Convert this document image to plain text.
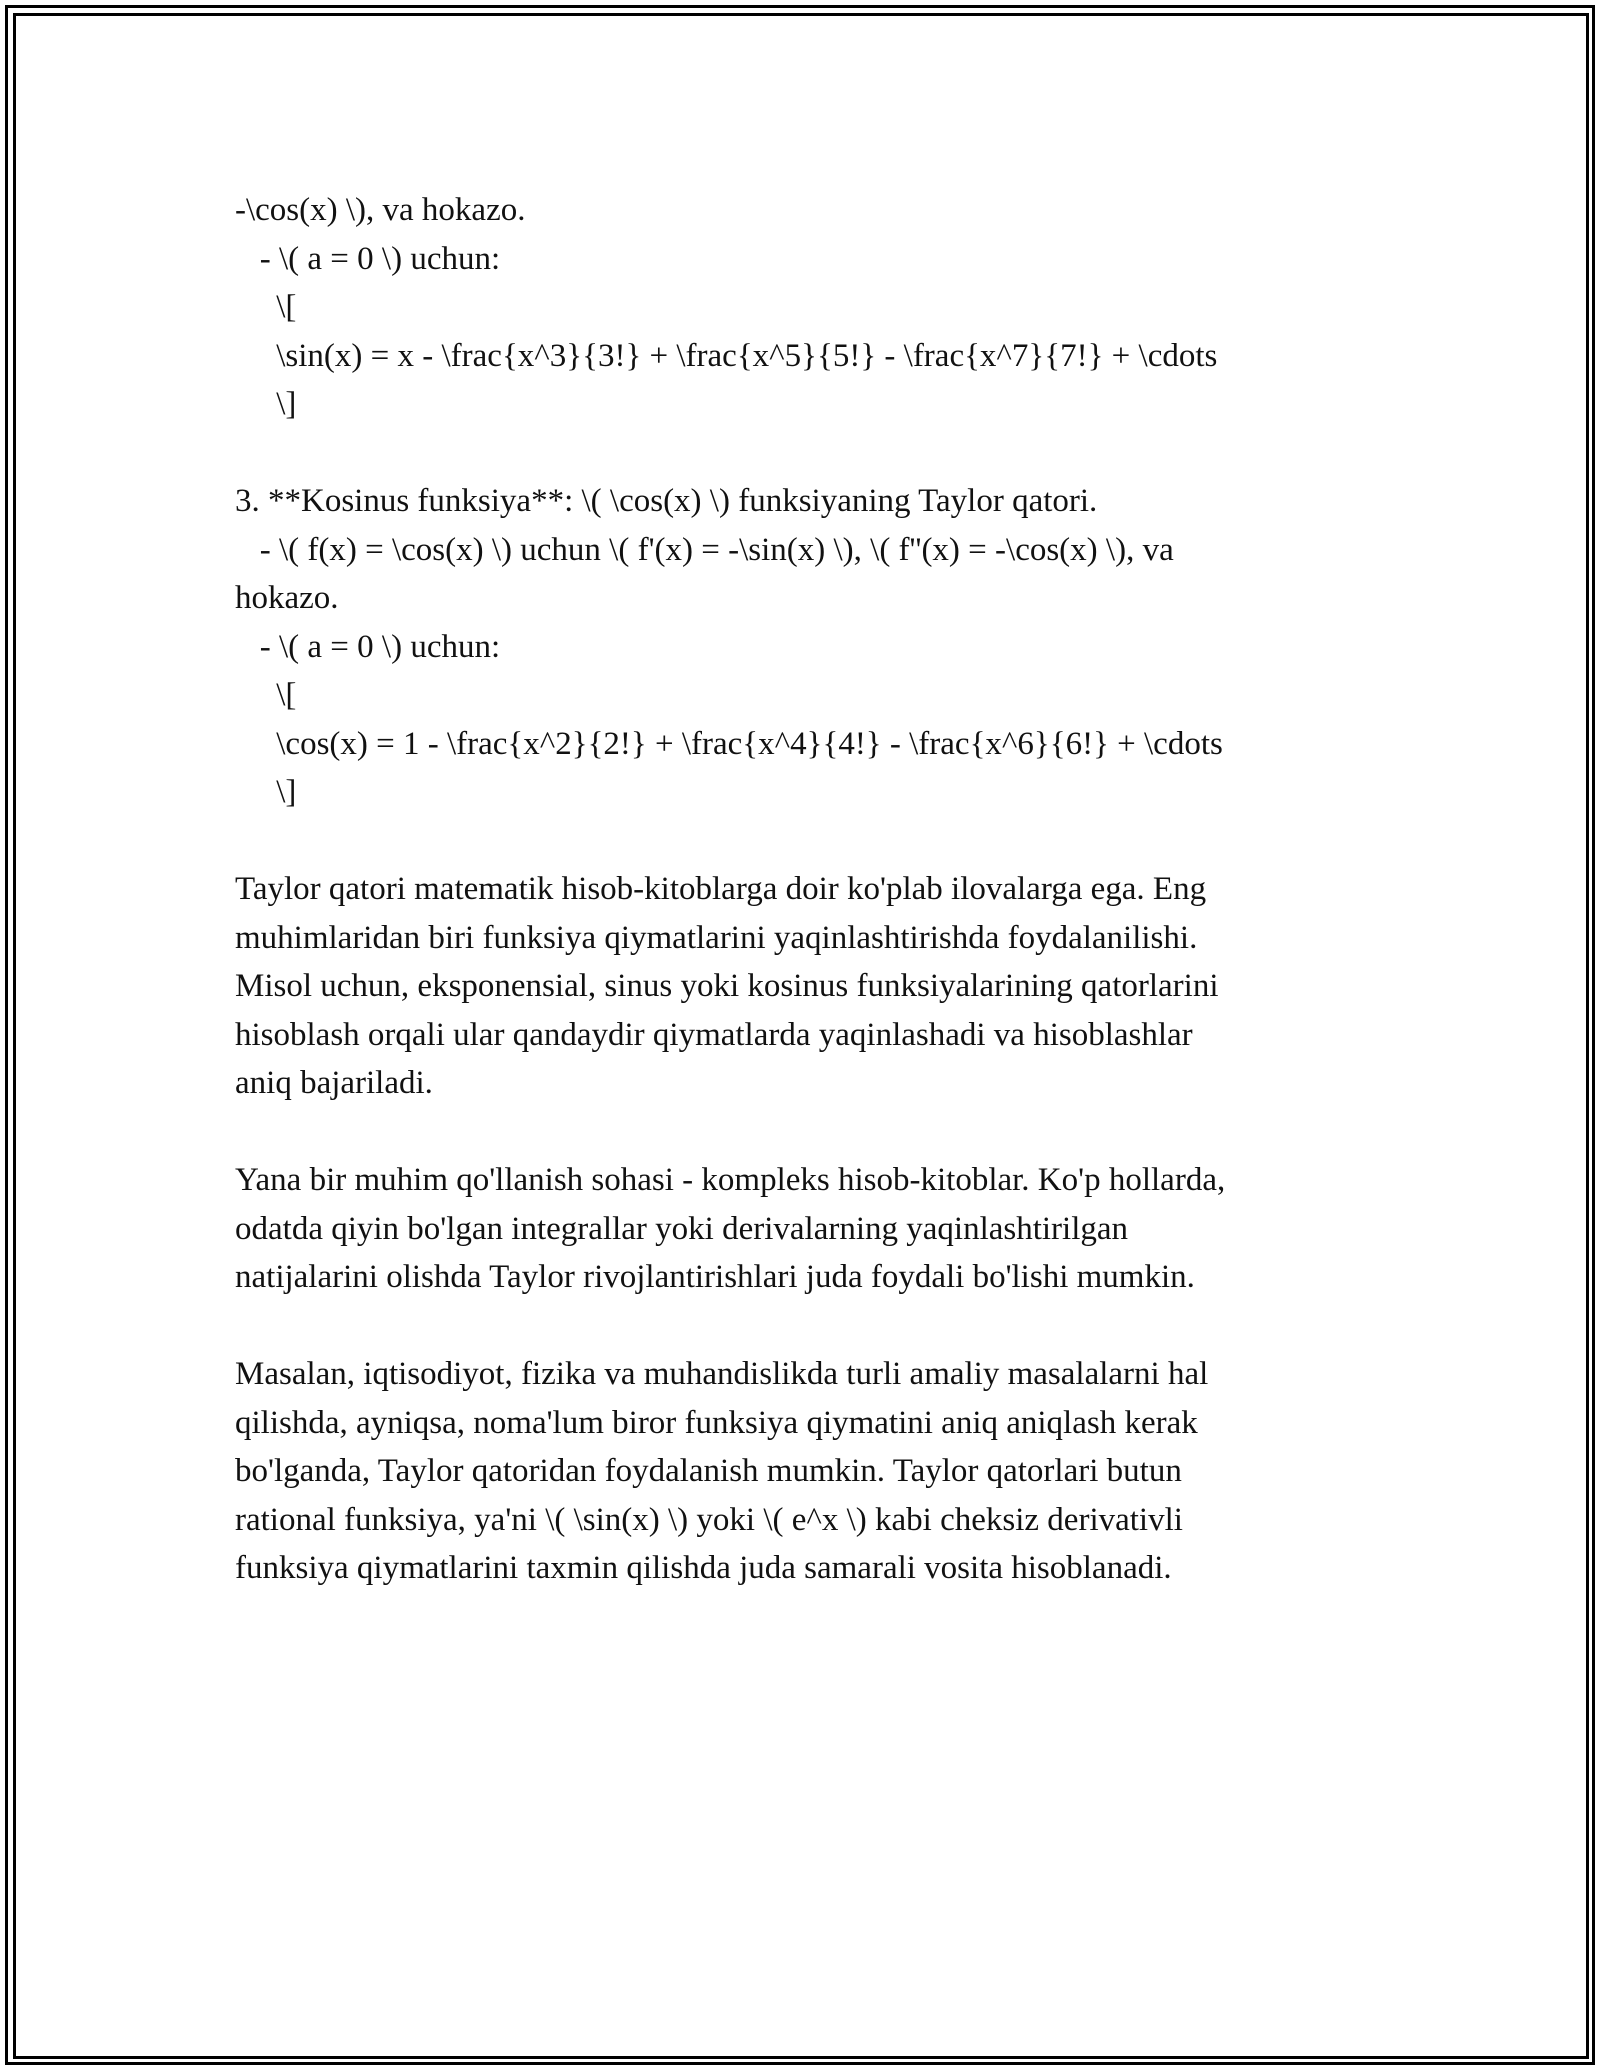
-\cos(x) \), va hokazo.
- \( a = 0 \) uchun:
\[
\sin(x) = x - \frac{x^3}{3!} + \frac{x^5}{5!} - \frac{x^7}{7!} + \cdots
\]
3. **Kosinus funksiya**: \( \cos(x) \) funksiyaning Taylor qatori.
- \( f(x) = \cos(x) \) uchun \( f'(x) = -\sin(x) \), \( f''(x) = -\cos(x) \), va
hokazo.
- \( a = 0 \) uchun:
\[
\cos(x) = 1 - \frac{x^2}{2!} + \frac{x^4}{4!} - \frac{x^6}{6!} + \cdots
\]
Taylor qatori matematik hisob-kitoblarga doir ko'plab ilovalarga ega. Eng
muhimlaridan biri funksiya qiymatlarini yaqinlashtirishda foydalanilishi.
Misol uchun, eksponensial, sinus yoki kosinus funksiyalarining qatorlarini
hisoblash orqali ular qandaydir qiymatlarda yaqinlashadi va hisoblashlar
aniq bajariladi.
Yana bir muhim qo'llanish sohasi - kompleks hisob-kitoblar. Ko'p hollarda,
odatda qiyin bo'lgan integrallar yoki derivalarning yaqinlashtirilgan
natijalarini olishda Taylor rivojlantirishlari juda foydali bo'lishi mumkin.
Masalan, iqtisodiyot, fizika va muhandislikda turli amaliy masalalarni hal
qilishda, ayniqsa, noma'lum biror funksiya qiymatini aniq aniqlash kerak
bo'lganda, Taylor qatoridan foydalanish mumkin. Taylor qatorlari butun
rational funksiya, ya'ni \( \sin(x) \) yoki \( e^x \) kabi cheksiz derivativli
funksiya qiymatlarini taxmin qilishda juda samarali vosita hisoblanadi.
